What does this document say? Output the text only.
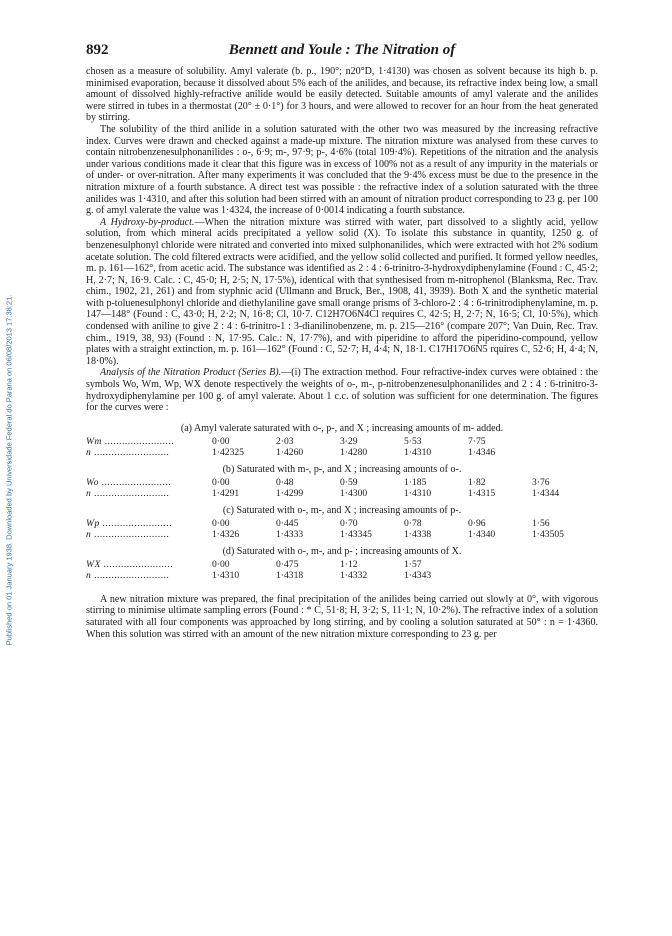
Published on 01 January 1938. Downloaded by Universidade Federal do Parana on 06/08/2013 17:38:21.
892	Bennett and Youle : The Nitration of

chosen as a measure of solubility. Amyl valerate (b. p., 190°; n20°D, 1·4130) was chosen as solvent because its high b. p. minimised evaporation, because it dissolved about 5% each of the anilides, and because, its refractive index being low, a small amount of dissolved highly-refractive anilide would be easily detected. Suitable amounts of amyl valerate and the anilides were stirred in tubes in a thermostat (20° ± 0·1°) for 3 hours, and were allowed to recover for an hour from the heat generated by stirring.

The solubility of the third anilide in a solution saturated with the other two was measured by the increasing refractive index. Curves were drawn and checked against a made-up mixture. The nitration mixture was analysed from these curves to contain nitrobenzenesulphonanilides : o-, 6·9; m-, 97·9; p-, 4·6% (total 109·4%). Repetitions of the nitration and the analysis under various conditions made it clear that this figure was in excess of 100% not as a result of any impurity in the materials or of under- or over-nitration. After many experiments it was concluded that the 9·4% excess must be due to the presence in the nitration mixture of a fourth substance. A direct test was possible : the refractive index of a solution saturated with the three anilides was 1·4310, and after this solution had been stirred with an amount of nitration product corresponding to 23 g. per 100 g. of amyl valerate the value was 1·4324, the increase of 0·0014 indicating a fourth substance.

A Hydroxy-by-product.—When the nitration mixture was stirred with water, part dissolved to a slightly acid, yellow solution, from which mineral acids precipitated a yellow solid (X). To isolate this substance in quantity, 1250 g. of benzenesulphonyl chloride were nitrated and converted into mixed sulphonanilides, which were extracted with hot 2% sodium acetate solution. The cold filtered extracts were acidified, and the yellow solid collected and purified. It formed yellow needles, m. p. 161—162°, from acetic acid. The substance was identified as 2 : 4 : 6-trinitro-3-hydroxydiphenylamine (Found : C, 45·2; H, 2·7; N, 16·9. Calc. : C, 45·0; H, 2·5; N, 17·5%), identical with that synthesised from m-nitrophenol (Blanksma, Rec. Trav. chim., 1902, 21, 261) and from styphnic acid (Ullmann and Bruck, Ber., 1908, 41, 3939). Both X and the synthetic material with p-toluenesulphonyl chloride and diethylaniline gave small orange prisms of 3-chloro-2 : 4 : 6-trinitrodiphenylamine, m. p. 147—148° (Found : C, 43·0; H, 2·2; N, 16·8; Cl, 10·7. C12H7O6N4Cl requires C, 42·5; H, 2·7; N, 16·5; Cl, 10·5%), which condensed with aniline to give 2 : 4 : 6-trinitro-1 : 3-dianilinobenzene, m. p. 215—216° (compare 207°; Van Duin, Rec. Trav. chim., 1919, 38, 93) (Found : N, 17·95. Calc.: N, 17·7%), and with piperidine to afford the piperidino-compound, yellow plates with a straight extinction, m. p. 161—162° (Found : C, 52·7; H, 4·4; N, 18·1. C17H17O6N5 rquires C, 52·6; H, 4·4; N, 18·0%).

Analysis of the Nitration Product (Series B).—(i) The extraction method. Four refractive-index curves were obtained : the symbols Wo, Wm, Wp, WX denote respectively the weights of o-, m-, p-nitrobenzenesulphonanilides and 2 : 4 : 6-trinitro-3-hydroxydiphenylamine per 100 g. of amyl valerate. About 1 c.c. of solution was sufficient for one determination. The figures for the curves were :

(a) Amyl valerate saturated with o-, p-, and X ; increasing amounts of m- added.
Wm ........................	0·00	2·03	3·29	5·53	7·75	
n ..........................	1·42325	1·4260	1·4280	1·4310	1·4346	
(b) Saturated with m-, p-, and X ; increasing amounts of o-.
Wo ........................	0·00	0·48	0·59	1·185	1·82	3·76
n ..........................	1·4291	1·4299	1·4300	1·4310	1·4315	1·4344
(c) Saturated with o-, m-, and X ; increasing amounts of p-.
Wp ........................	0·00	0·445	0·70	0·78	0·96	1·56
n ..........................	1·4326	1·4333	1·43345	1·4338	1·4340	1·43505
(d) Saturated with o-, m-, and p- ; increasing amounts of X.
WX ........................	0·00	0·475	1·12	1·57		
n ..........................	1·4310	1·4318	1·4332	1·4343		

A new nitration mixture was prepared, the final precipitation of the anilides being carried out slowly at 0°, with vigorous stirring to minimise ultimate sampling errors (Found : * C, 51·8; H, 3·2; S, 11·1; N, 10·2%). The refractive index of a solution saturated with all four components was approached by long stirring, and by cooling a solution saturated at 50° : n = 1·4360. When this solution was stirred with an amount of the new nitration mixture corresponding to 23 g. per
